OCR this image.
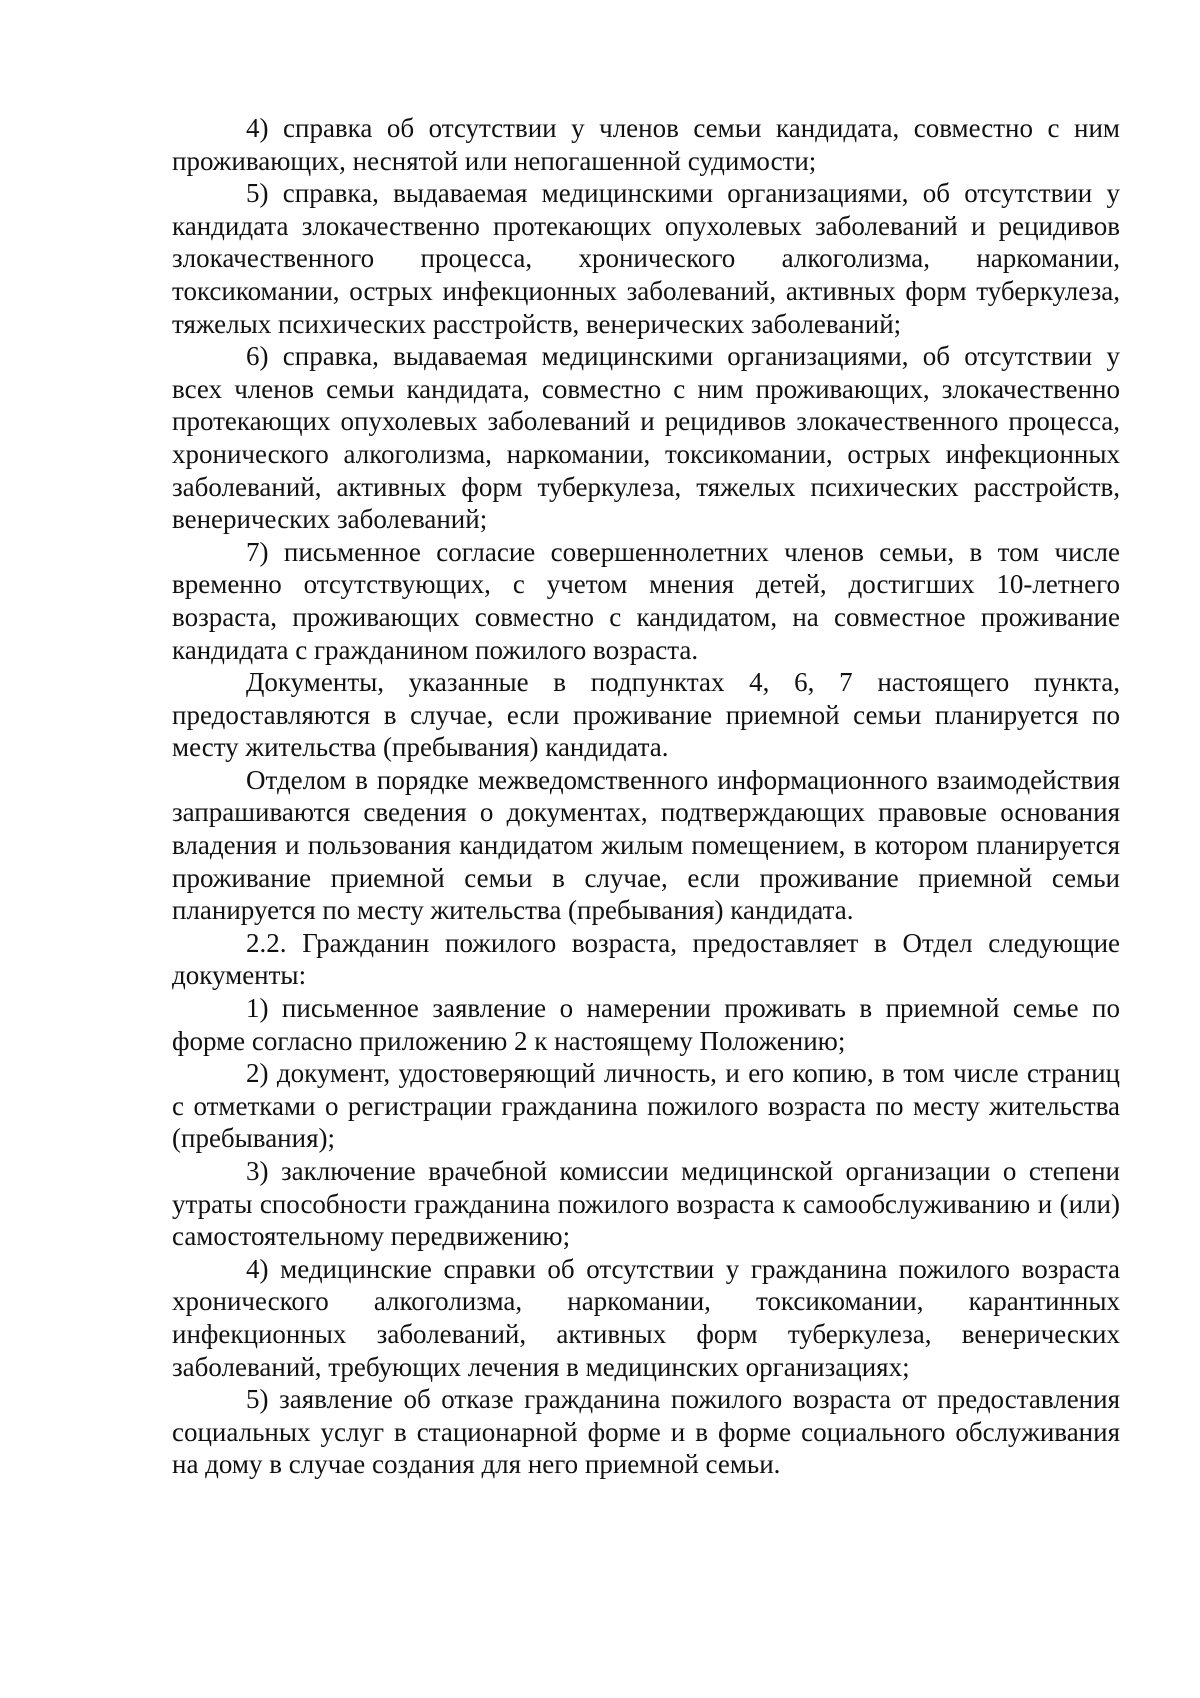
4) справка об отсутствии у членов семьи кандидата, совместно с ним проживающих, неснятой или непогашенной судимости;

5) справка, выдаваемая медицинскими организациями, об отсутствии у кандидата злокачественно протекающих опухолевых заболеваний и рецидивов злокачественного процесса, хронического алкоголизма, наркомании, токсикомании, острых инфекционных заболеваний, активных форм туберкулеза, тяжелых психических расстройств, венерических заболеваний;

6) справка, выдаваемая медицинскими организациями, об отсутствии у всех членов семьи кандидата, совместно с ним проживающих, злокачественно протекающих опухолевых заболеваний и рецидивов злокачественного процесса, хронического алкоголизма, наркомании, токсикомании, острых инфекционных заболеваний, активных форм туберкулеза, тяжелых психических расстройств, венерических заболеваний;

7) письменное согласие совершеннолетних членов семьи, в том числе временно отсутствующих, с учетом мнения детей, достигших 10-летнего возраста, проживающих совместно с кандидатом, на совместное проживание кандидата с гражданином пожилого возраста.

Документы, указанные в подпунктах 4, 6, 7 настоящего пункта, предоставляются в случае, если проживание приемной семьи планируется по месту жительства (пребывания) кандидата.

Отделом в порядке межведомственного информационного взаимодействия запрашиваются сведения о документах, подтверждающих правовые основания владения и пользования кандидатом жилым помещением, в котором планируется проживание приемной семьи в случае, если проживание приемной семьи планируется по месту жительства (пребывания) кандидата.

2.2. Гражданин пожилого возраста, предоставляет в Отдел следующие документы:

1) письменное заявление о намерении проживать в приемной семье по форме согласно приложению 2 к настоящему Положению;

2) документ, удостоверяющий личность, и его копию, в том числе страниц с отметками о регистрации гражданина пожилого возраста по месту жительства (пребывания);

3) заключение врачебной комиссии медицинской организации о степени утраты способности гражданина пожилого возраста к самообслуживанию и (или) самостоятельному передвижению;

4) медицинские справки об отсутствии у гражданина пожилого возраста хронического алкоголизма, наркомании, токсикомании, карантинных инфекционных заболеваний, активных форм туберкулеза, венерических заболеваний, требующих лечения в медицинских организациях;

5) заявление об отказе гражданина пожилого возраста от предоставления социальных услуг в стационарной форме и в форме социального обслуживания на дому в случае создания для него приемной семьи.
